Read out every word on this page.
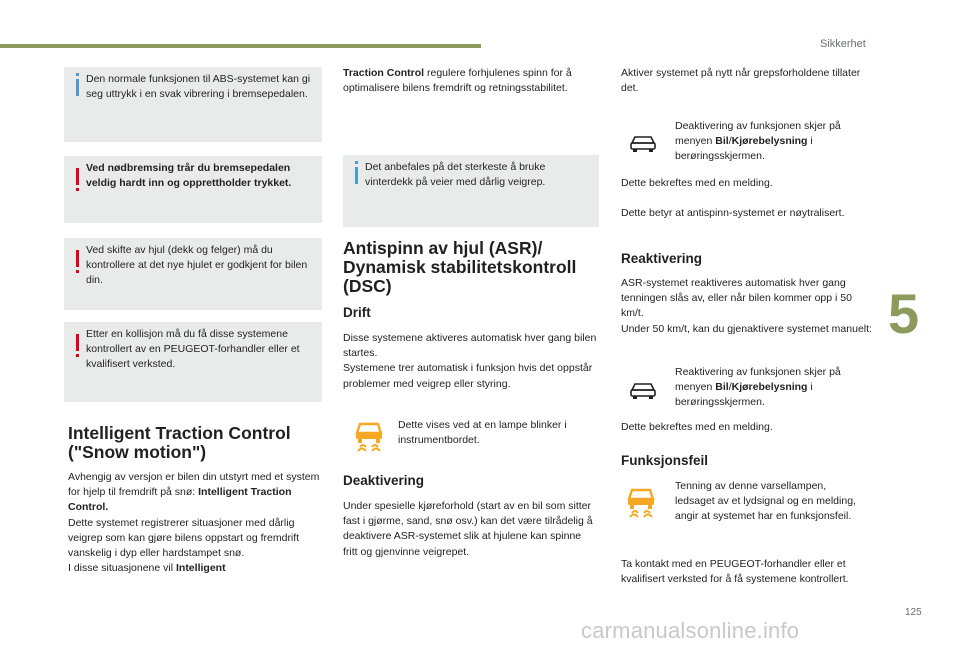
Sikkerhet
5
Den normale funksjonen til ABS-systemet kan gi seg uttrykk i en svak vibrering i bremsepedalen.
Ved nødbremsing trår du bremsepedalen veldig hardt inn og opprettholder trykket.
Ved skifte av hjul (dekk og felger) må du kontrollere at det nye hjulet er godkjent for bilen din.
Etter en kollisjon må du få disse systemene kontrollert av en PEUGEOT-forhandler eller et kvalifisert verksted.
Intelligent Traction Control ("Snow motion")
Avhengig av versjon er bilen din utstyrt med et system for hjelp til fremdrift på snø: Intelligent Traction Control.
Dette systemet registrerer situasjoner med dårlig veigrep som kan gjøre bilens oppstart og fremdrift vanskelig i dyp eller hardstampet snø.
I disse situasjonene vil Intelligent
Traction Control regulere forhjulenes spinn for å optimalisere bilens fremdrift og retningsstabilitet.
Det anbefales på det sterkeste å bruke vinterdekk på veier med dårlig veigrep.
Antispinn av hjul (ASR)/ Dynamisk stabilitetskontroll (DSC)
Drift
Disse systemene aktiveres automatisk hver gang bilen startes.
Systemene trer automatisk i funksjon hvis det oppstår problemer med veigrep eller styring.
Dette vises ved at en lampe blinker i instrumentbordet.
Deaktivering
Under spesielle kjøreforhold (start av en bil som sitter fast i gjørme, sand, snø osv.) kan det være tilrådelig å deaktivere ASR-systemet slik at hjulene kan spinne fritt og gjenvinne veigrepet.
Aktiver systemet på nytt når grepsforholdene tillater det.
Deaktivering av funksjonen skjer på menyen Bil/Kjørebelysning i berøringsskjermen.
Dette bekreftes med en melding.
Dette betyr at antispinn-systemet er nøytralisert.
Reaktivering
ASR-systemet reaktiveres automatisk hver gang tenningen slås av, eller når bilen kommer opp i 50 km/t.
Under 50 km/t, kan du gjenaktivere systemet manuelt:
Reaktivering av funksjonen skjer på menyen Bil/Kjørebelysning i berøringsskjermen.
Dette bekreftes med en melding.
Funksjonsfeil
Tenning av denne varsellampen, ledsaget av et lydsignal og en melding, angir at systemet har en funksjonsfeil.
Ta kontakt med en PEUGEOT-forhandler eller et kvalifisert verksted for å få systemene kontrollert.
125
carmanualsonline.info
